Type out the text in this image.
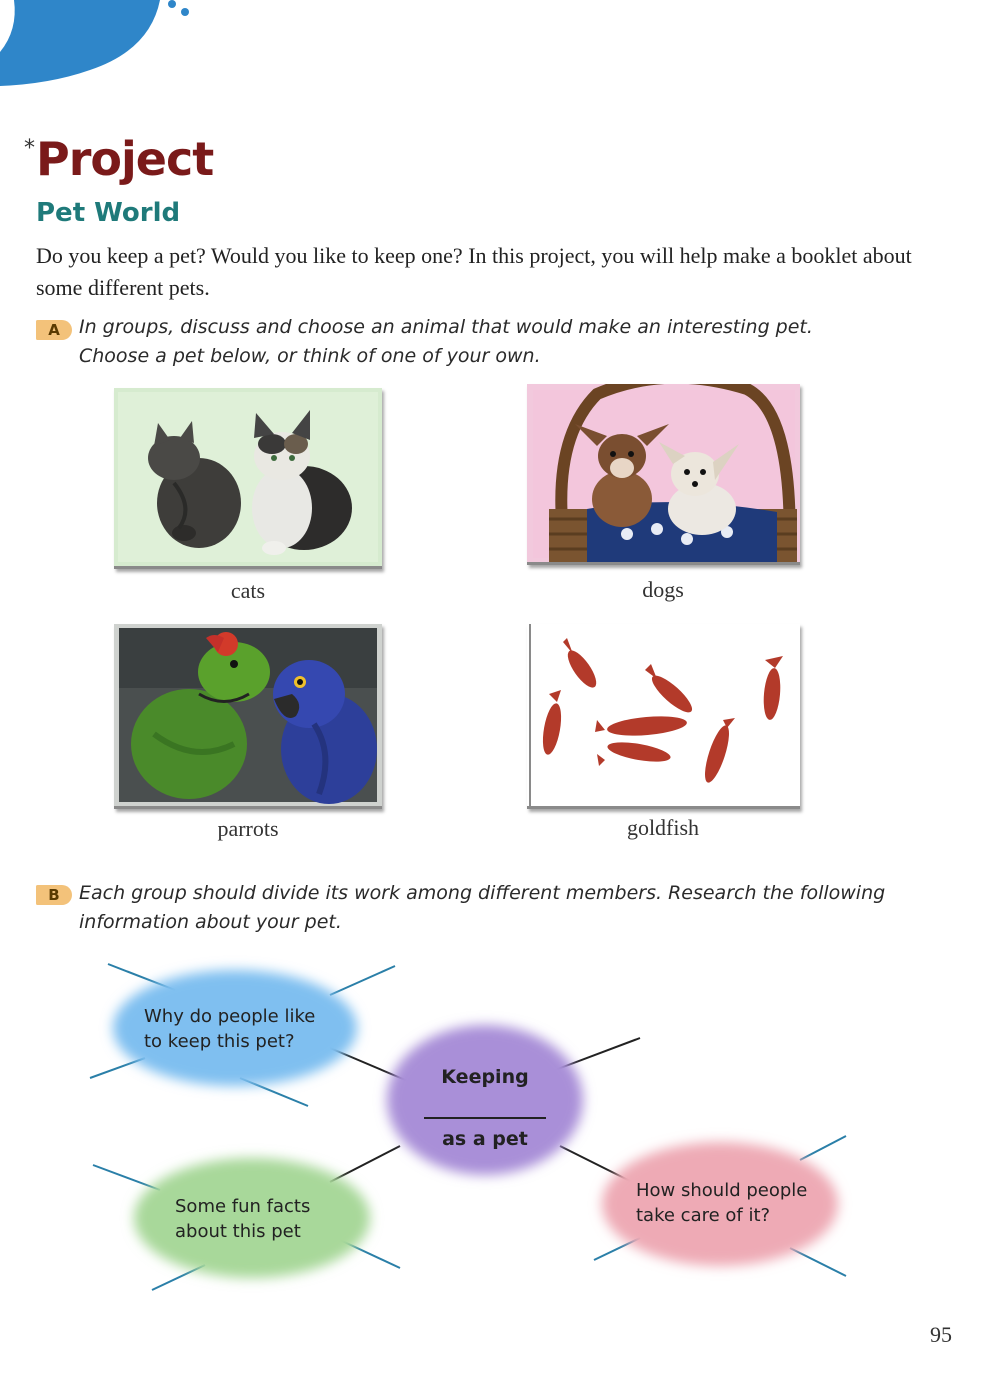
* Project
Pet World
Do you keep a pet? Would you like to keep one? In this project, you will help make a booklet about some different pets.
A	In groups, discuss and choose an animal that would make an interesting pet.
Choose a pet below, or think of one of your own.
cats	dogs
parrots	goldfish
B	Each group should divide its work among different members. Research the following
information about your pet.
Why do people like
to keep this pet?
Keeping
as a pet
Some fun facts
about this pet
How should people
take care of it?
95
